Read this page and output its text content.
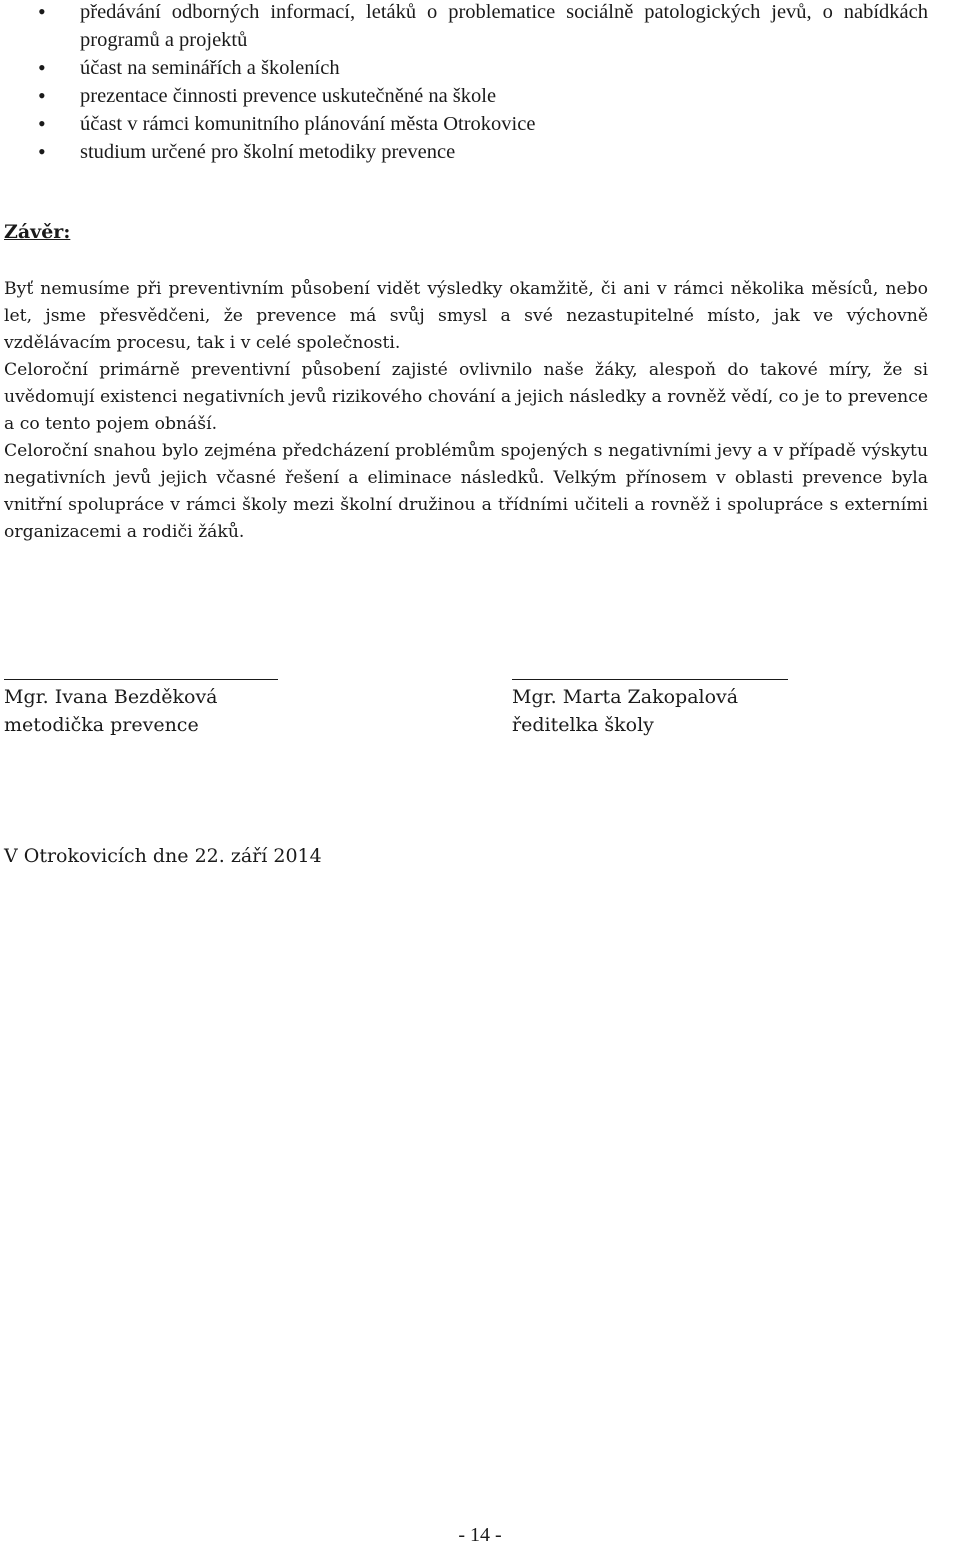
• předávání odborných informací, letáků o problematice sociálně patologických jevů, o nabídkách programů a projektů
• účast na seminářích a školeních
• prezentace činnosti prevence uskutečněné na škole
• účast v rámci komunitního plánování města Otrokovice
• studium určené pro školní metodiky prevence
Závěr:

Byť nemusíme při preventivním působení vidět výsledky okamžitě, či ani v rámci několika měsíců, nebo let, jsme přesvědčeni, že prevence má svůj smysl a své nezastupitelné místo, jak ve výchovně vzdělávacím procesu, tak i v celé společnosti.

Celoroční primárně preventivní působení zajisté ovlivnilo naše žáky, alespoň do takové míry, že si uvědomují existenci negativních jevů rizikového chování a jejich následky a rovněž vědí, co je to prevence a co tento pojem obnáší.

Celoroční snahou bylo zejména předcházení problémům spojených s negativními jevy a v případě výskytu negativních jevů jejich včasné řešení a eliminace následků. Velkým přínosem v oblasti prevence byla vnitřní spolupráce v rámci školy mezi školní družinou a třídními učiteli a rovněž i spolupráce s externími organizacemi a rodiči žáků.

Mgr. Ivana Bezděková
metodička prevence
Mgr. Marta Zakopalová
ředitelka školy
V Otrokovicích dne 22. září 2014
- 14 -
